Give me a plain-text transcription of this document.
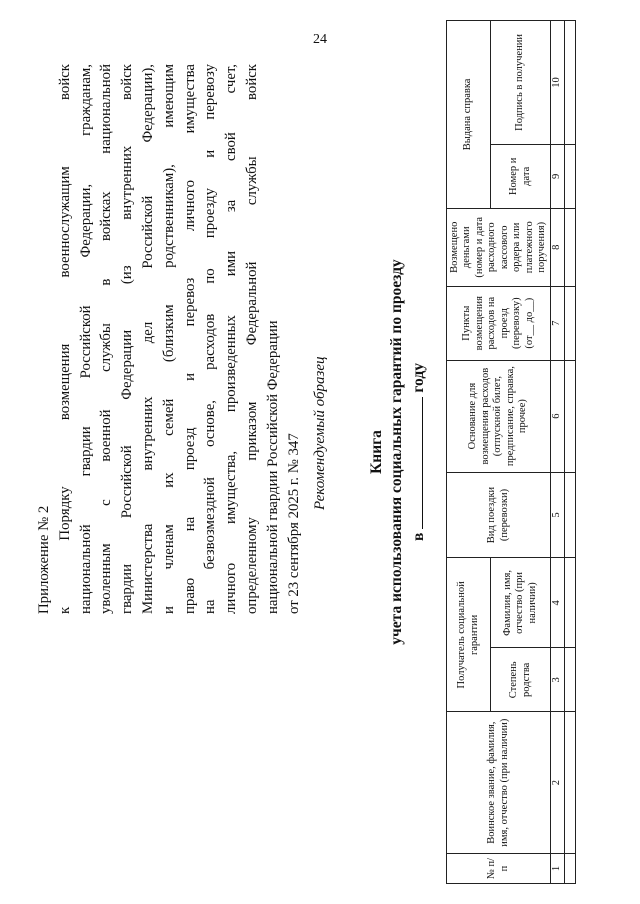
24
Приложение № 2 к Порядку возмещения военнослужащим войск национальной гвардии Российской Федерации, гражданам, уволенным с военной службы в войсках национальной гвардии Российской Федерации (из внутренних войск Министерства внутренних дел Российской Федерации), и членам их семей (близким родственникам), имеющим право на проезд и перевоз личного имущества на безвозмездной основе, расходов по проезду и перевозу личного имущества, произведенных ими за свой счет, определенному приказом Федеральной службы войск национальной гвардии Российской Федерации от 23 сентября 2025 г. № 347
Рекомендуемый образец	Книга учета использования социальных гарантий по проезду вгоду
№ п/п	Воинское звание, фамилия, имя, отчество (при наличии)	Получатель социальной гарантии		Вид поездки (перевозки)	Основание для возмещения расходов (отпускной билет, предписание, справка, прочее)	Пункты возмещения расходов на проезд (перевозку) (от__ до__)	Возмещено деньгами (номер и дата расходного кассового ордера или платежного поручения)	Выдана справка	
		Степень родства	Фамилия, имя, отчество (при наличии)					Номер и дата	Подпись в получении
1	2	3	4	5	6	7	8	9	10
